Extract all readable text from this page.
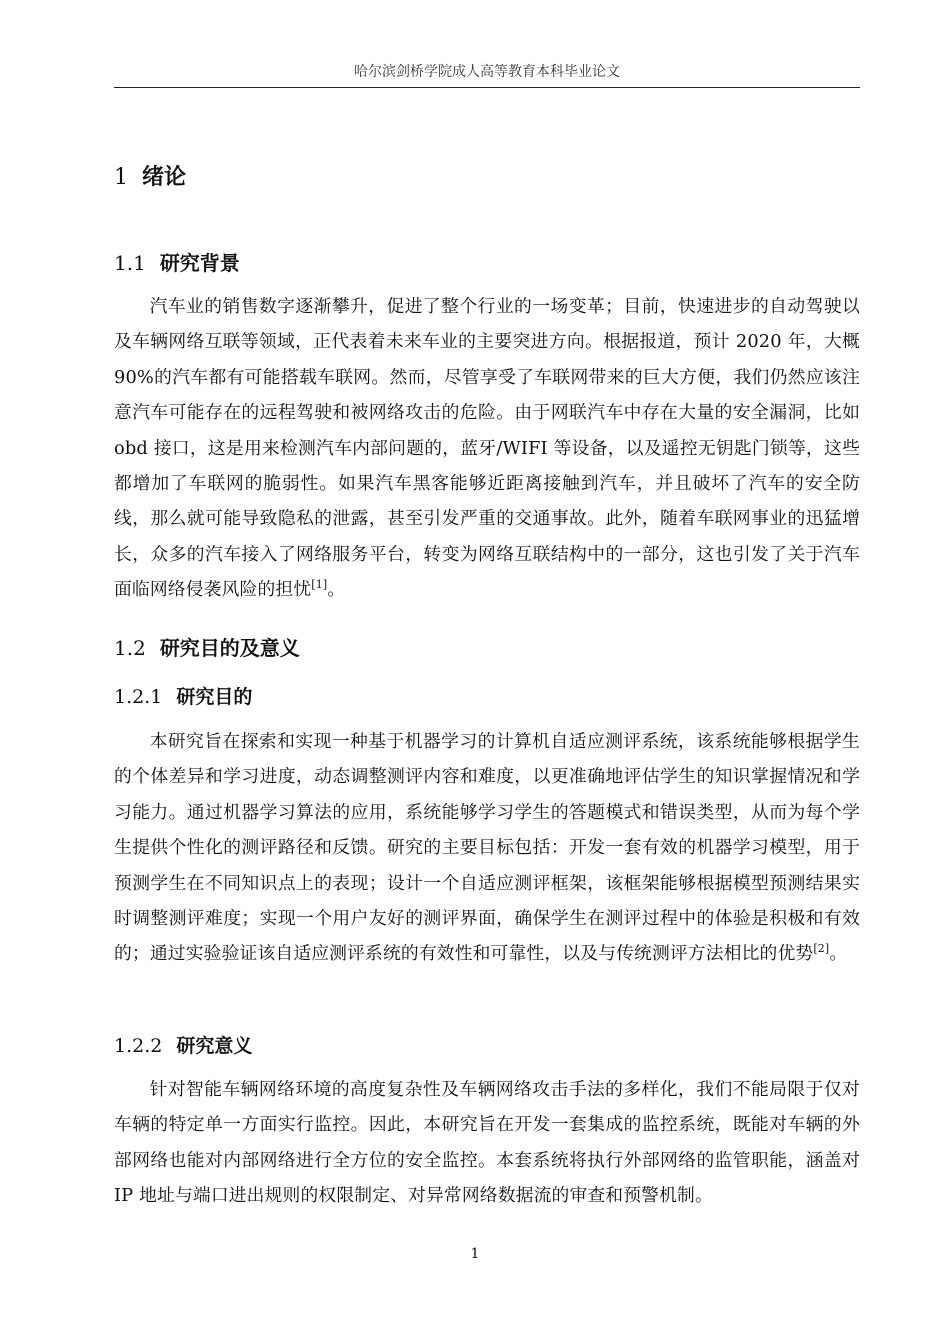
哈尔滨剑桥学院成人高等教育本科毕业论文
1 绪论
1.1 研究背景

汽车业的销售数字逐渐攀升，促进了整个行业的一场变革；目前，快速进步的自动驾驶以及车辆网络互联等领域，正代表着未来车业的主要突进方向。根据报道，预计 2020 年，大概 90%的汽车都有可能搭载车联网。然而，尽管享受了车联网带来的巨大方便，我们仍然应该注意汽车可能存在的远程驾驶和被网络攻击的危险。由于网联汽车中存在大量的安全漏洞，比如 obd 接口，这是用来检测汽车内部问题的，蓝牙/WIFI 等设备，以及遥控无钥匙门锁等，这些都增加了车联网的脆弱性。如果汽车黑客能够近距离接触到汽车，并且破坏了汽车的安全防线，那么就可能导致隐私的泄露，甚至引发严重的交通事故。此外，随着车联网事业的迅猛增长，众多的汽车接入了网络服务平台，转变为网络互联结构中的一部分，这也引发了关于汽车面临网络侵袭风险的担忧[1]。

1.2 研究目的及意义
1.2.1 研究目的

本研究旨在探索和实现一种基于机器学习的计算机自适应测评系统，该系统能够根据学生的个体差异和学习进度，动态调整测评内容和难度，以更准确地评估学生的知识掌握情况和学习能力。通过机器学习算法的应用，系统能够学习学生的答题模式和错误类型，从而为每个学生提供个性化的测评路径和反馈。研究的主要目标包括：开发一套有效的机器学习模型，用于预测学生在不同知识点上的表现；设计一个自适应测评框架，该框架能够根据模型预测结果实时调整测评难度；实现一个用户友好的测评界面，确保学生在测评过程中的体验是积极和有效的；通过实验验证该自适应测评系统的有效性和可靠性，以及与传统测评方法相比的优势[2]。

1.2.2 研究意义

针对智能车辆网络环境的高度复杂性及车辆网络攻击手法的多样化，我们不能局限于仅对车辆的特定单一方面实行监控。因此，本研究旨在开发一套集成的监控系统，既能对车辆的外部网络也能对内部网络进行全方位的安全监控。本套系统将执行外部网络的监管职能，涵盖对 IP 地址与端口进出规则的权限制定、对异常网络数据流的审查和预警机制。

1
